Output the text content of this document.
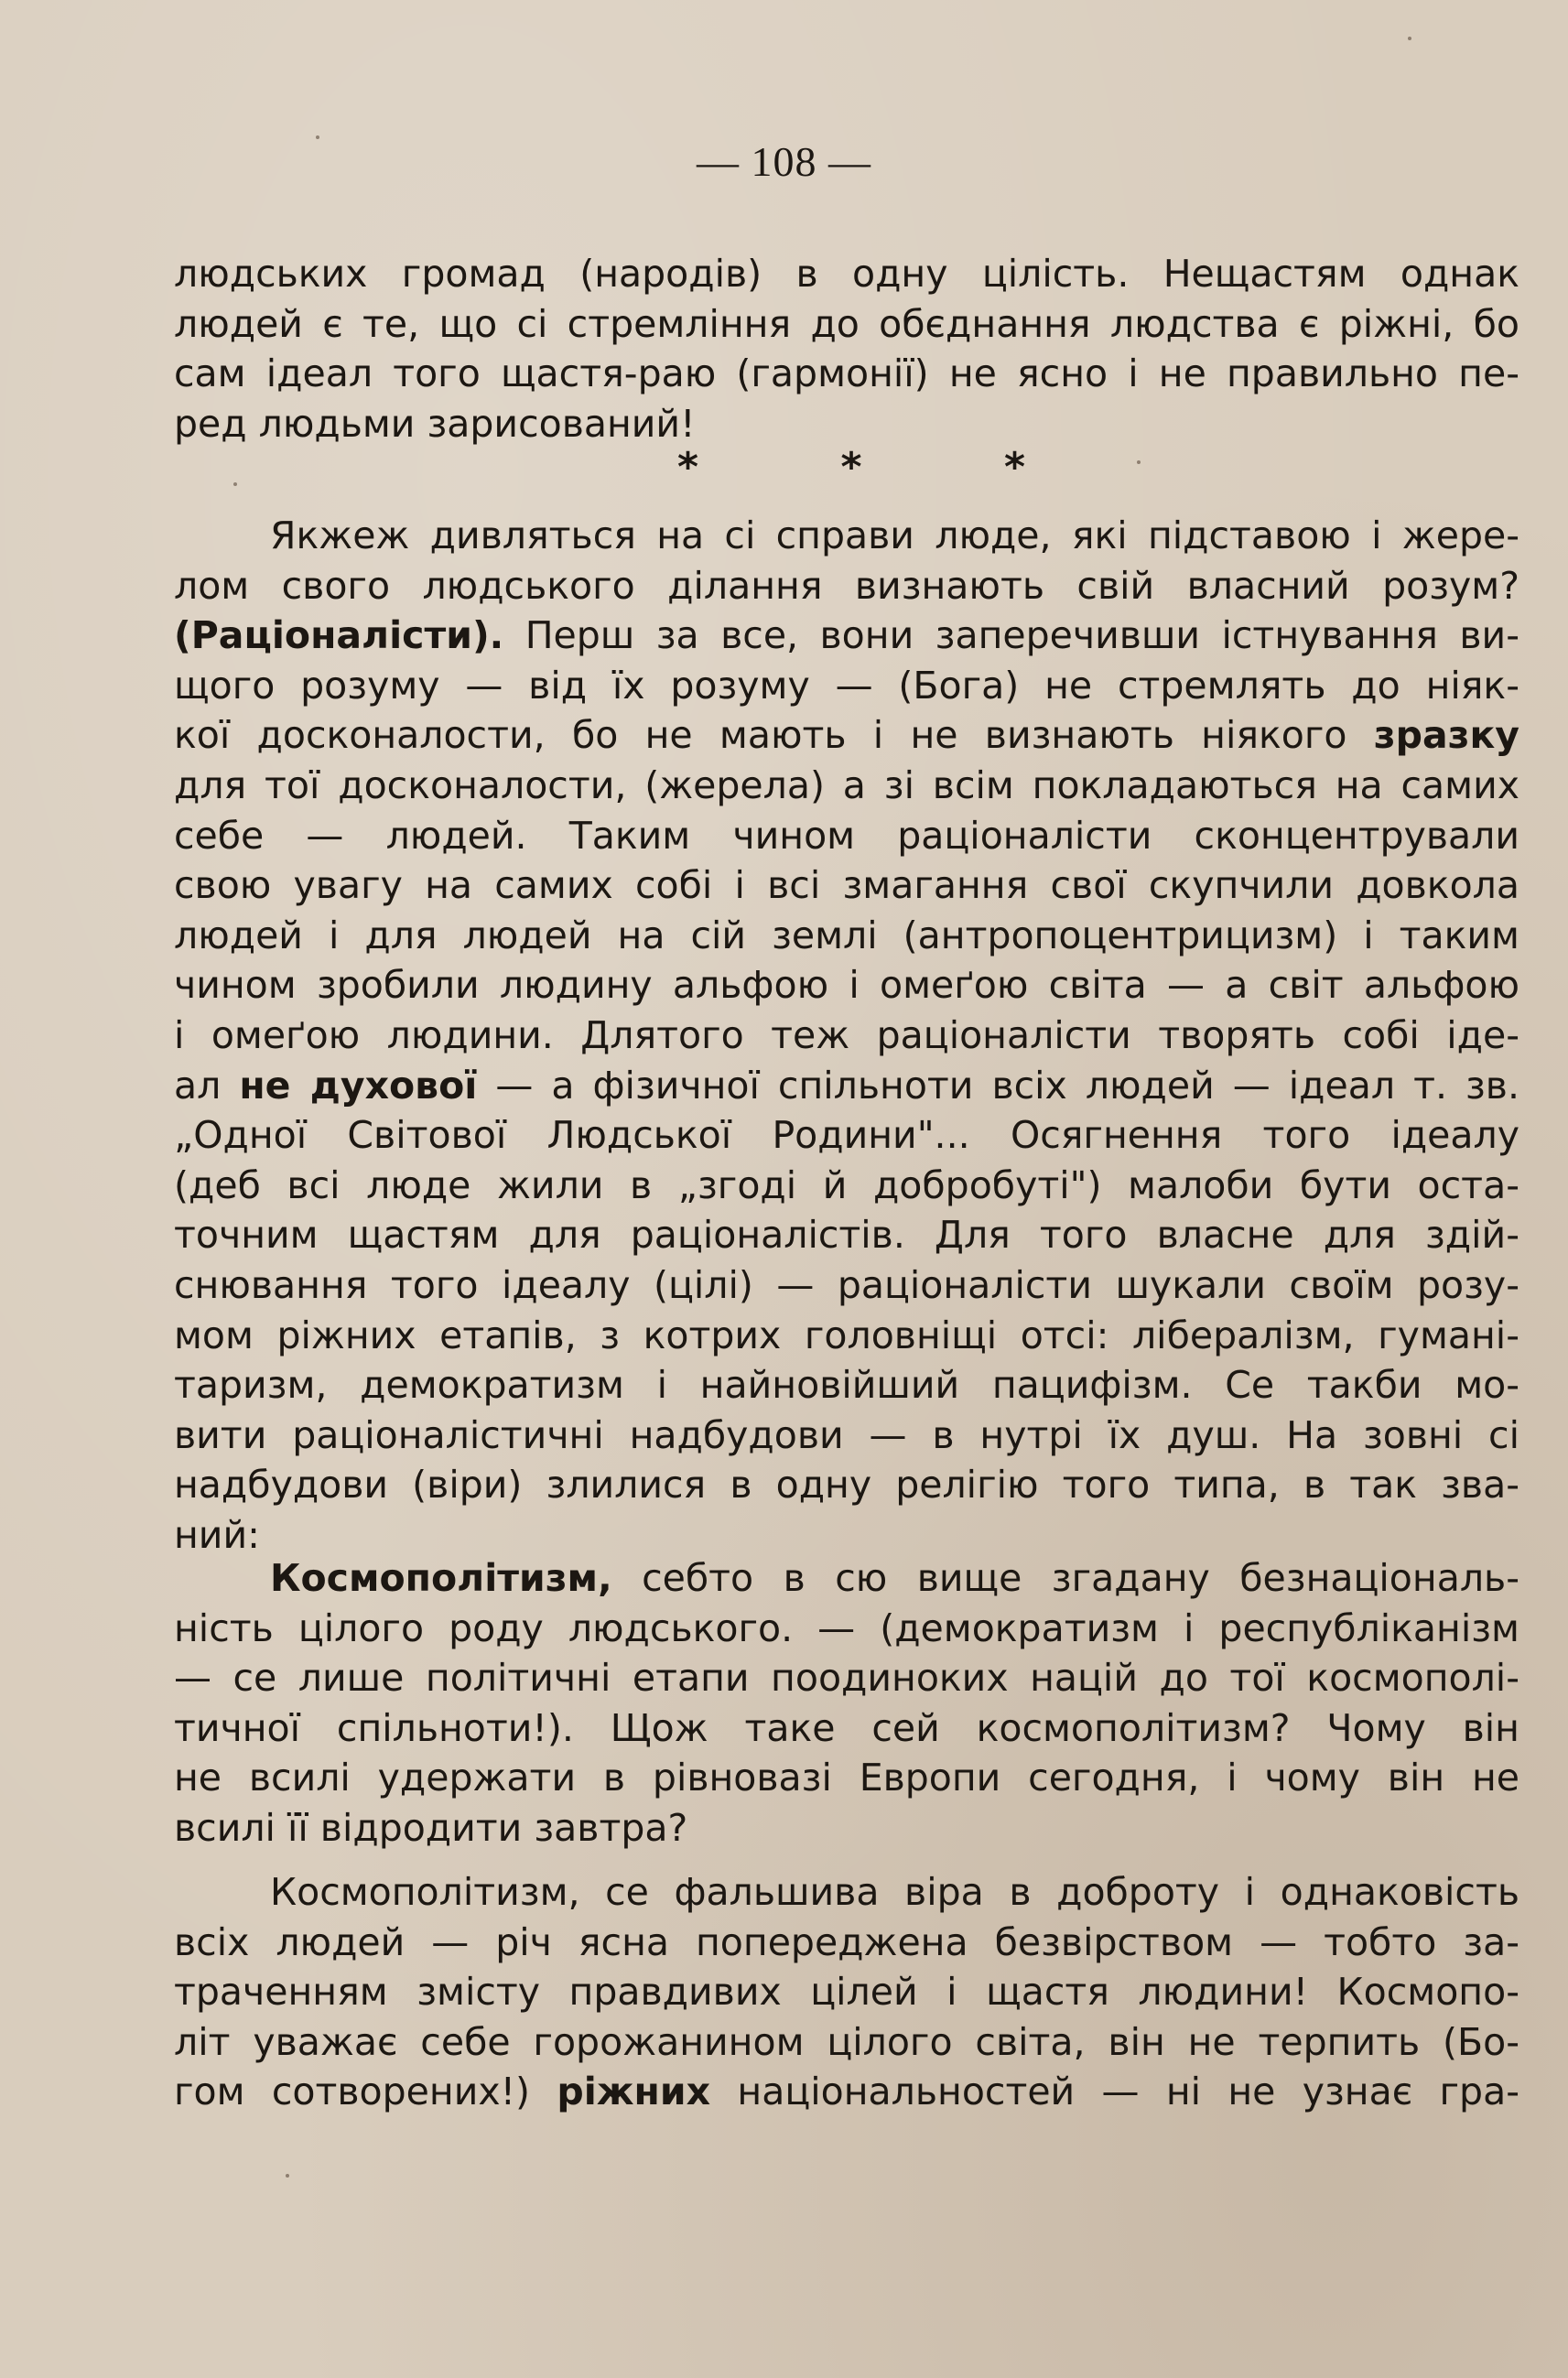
— 108 —
людських громад (народів) в одну цілість. Нещастям однак
людей є те, що сі стремління до обєднання людства є ріжні, бо
сам ідеал того щастя-раю (гармонії) не ясно і не правильно пе-
ред людьми зарисований!
*	*	*
Якжеж дивляться на сі справи люде, які підставою і жере-
лом свого людського ділання визнають свій власний розум?
(Раціоналісти). Перш за все, вони заперечивши істнування ви-
щого розуму — від їх розуму — (Бога) не стремлять до ніяк-
кої досконалости, бо не мають і не визнають ніякого зразку
для тої досконалости, (жерела) а зі всім покладаються на самих
себе — людей. Таким чином раціоналісти сконцентрували
свою увагу на самих собі і всі змагання свої скупчили довкола
людей і для людей на сій землі (антропоцентрицизм) і таким
чином зробили людину альфою і омеґою світа — а світ альфою
і омеґою людини. Длятого теж раціоналісти творять собі іде-
ал не духової — а фізичної спільноти всіх людей — ідеал т. зв.
„Одної Світової Людської Родини"... Осягнення того ідеалу
(деб всі люде жили в „згоді й добробуті") малоби бути оста-
точним щастям для раціоналістів. Для того власне для здій-
снювання того ідеалу (цілі) — раціоналісти шукали своїм розу-
мом ріжних етапів, з котрих головніщі отсі: лібералізм, гумані-
таризм, демократизм і найновійший пацифізм. Се такби мо-
вити раціоналістичні надбудови — в нутрі їх душ. На зовні сі
надбудови (віри) злилися в одну релігію того типа, в так зва-
ний:
Космополітизм, себто в сю вище згадану безнаціональ-
ність цілого роду людського. — (демократизм і республіканізм
— се лише політичні етапи поодиноких націй до тої космополі-
тичної спільноти!). Щож таке сей космополітизм? Чому він
не всилі удержати в рівновазі Европи сегодня, і чому він не
всилі її відродити завтра?
Космополітизм, се фальшива віра в доброту і однаковість
всіх людей — річ ясна попереджена безвірством — тобто за-
траченням змісту правдивих цілей і щастя людини! Космопо-
літ уважає себе горожанином цілого світа, він не терпить (Бо-
гом сотворених!) ріжних національностей — ні не узнає гра-
